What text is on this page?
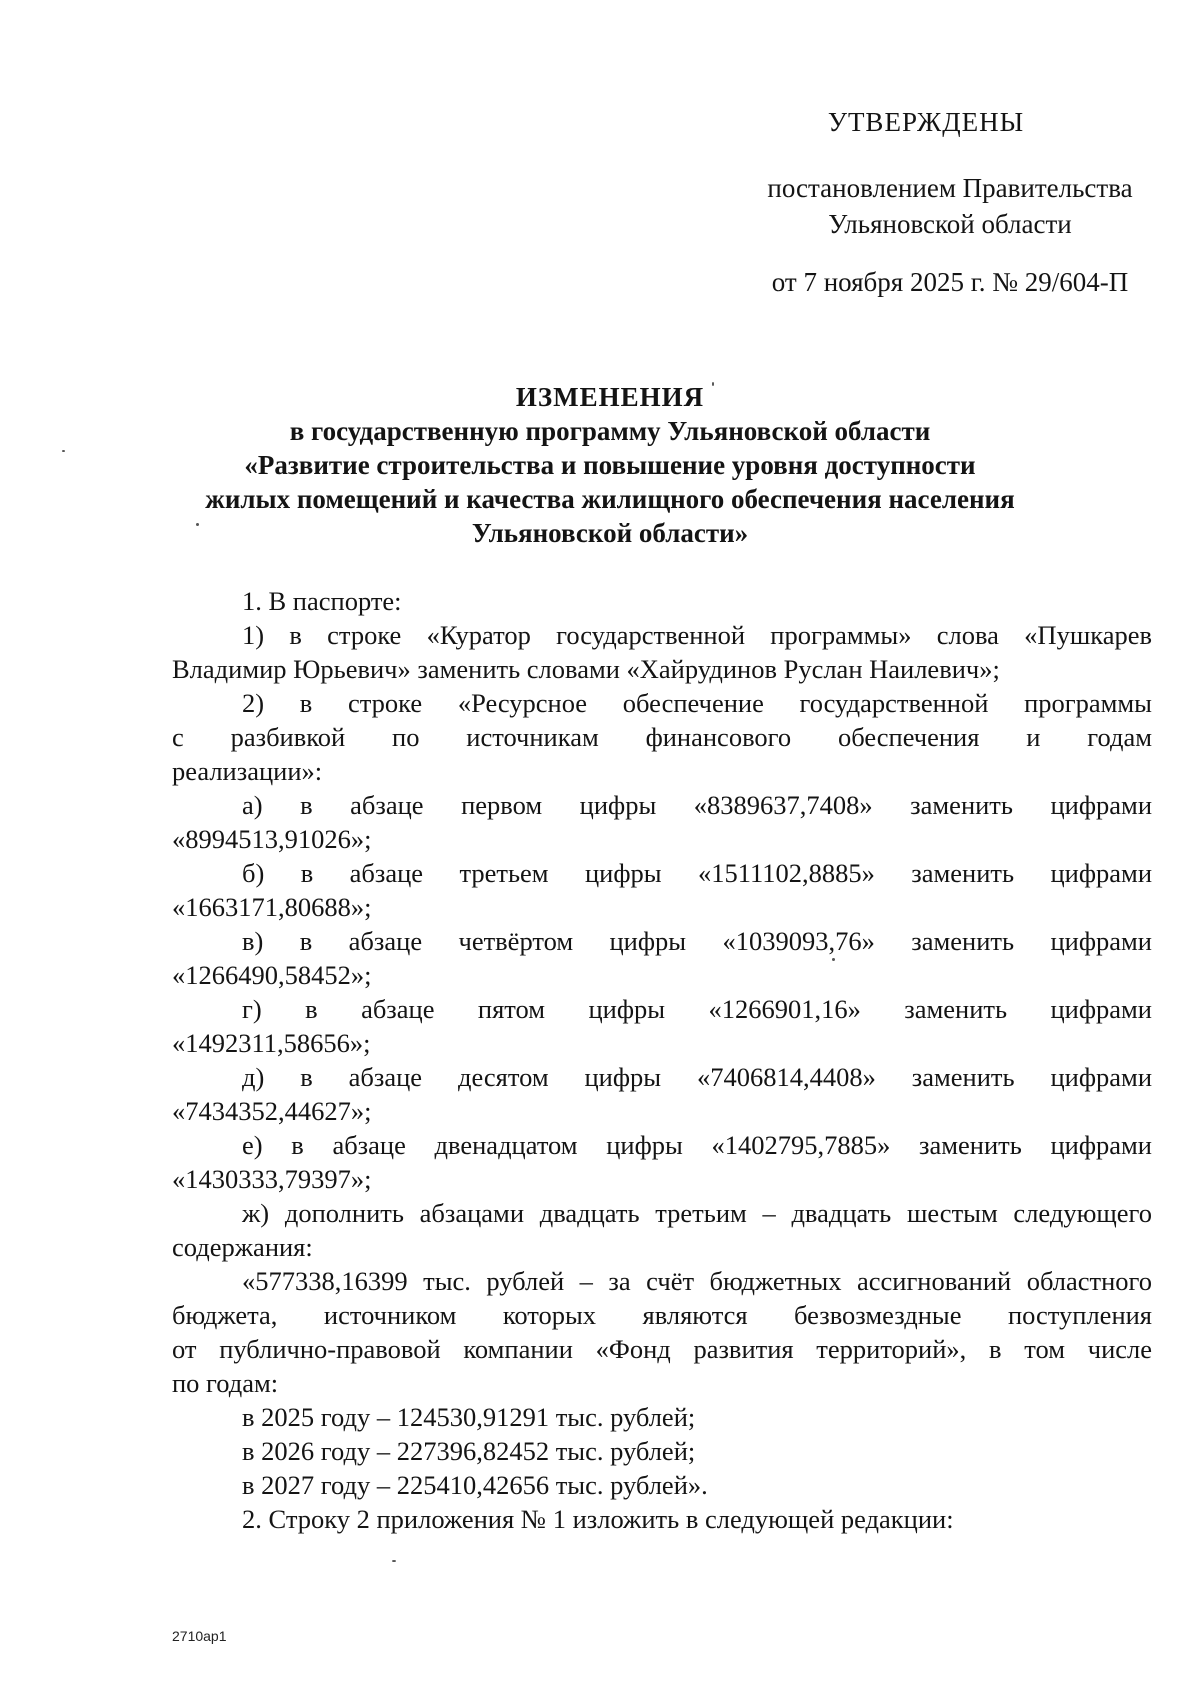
УТВЕРЖДЕНЫ
постановлением Правительства
Ульяновской области
от 7 ноября 2025 г. № 29/604-П
ИЗМЕНЕНИЯ
в государственную программу Ульяновской области
«Развитие строительства и повышение уровня доступности
жилых помещений и качества жилищного обеспечения населения
Ульяновской области»
1. В паспорте:
1) в строке «Куратор государственной программы» слова «Пушкарев
Владимир Юрьевич» заменить словами «Хайрудинов Руслан Наилевич»;
2) в строке «Ресурсное обеспечение государственной программы
с разбивкой по источникам финансового обеспечения и годам
реализации»:
а) в абзаце первом цифры «8389637,7408» заменить цифрами
«8994513,91026»;
б) в абзаце третьем цифры «1511102,8885» заменить цифрами
«1663171,80688»;
в) в абзаце четвёртом цифры «1039093,76» заменить цифрами
«1266490,58452»;
г) в абзаце пятом цифры «1266901,16» заменить цифрами
«1492311,58656»;
д) в абзаце десятом цифры «7406814,4408» заменить цифрами
«7434352,44627»;
е) в абзаце двенадцатом цифры «1402795,7885» заменить цифрами
«1430333,79397»;
ж) дополнить абзацами двадцать третьим – двадцать шестым следующего
содержания:
«577338,16399 тыс. рублей – за счёт бюджетных ассигнований областного
бюджета, источником которых являются безвозмездные поступления
от публично-правовой компании «Фонд развития территорий», в том числе
по годам:
в 2025 году – 124530,91291 тыс. рублей;
в 2026 году – 227396,82452 тыс. рублей;
в 2027 году – 225410,42656 тыс. рублей».
2. Строку 2 приложения № 1 изложить в следующей редакции:
2710ap1
